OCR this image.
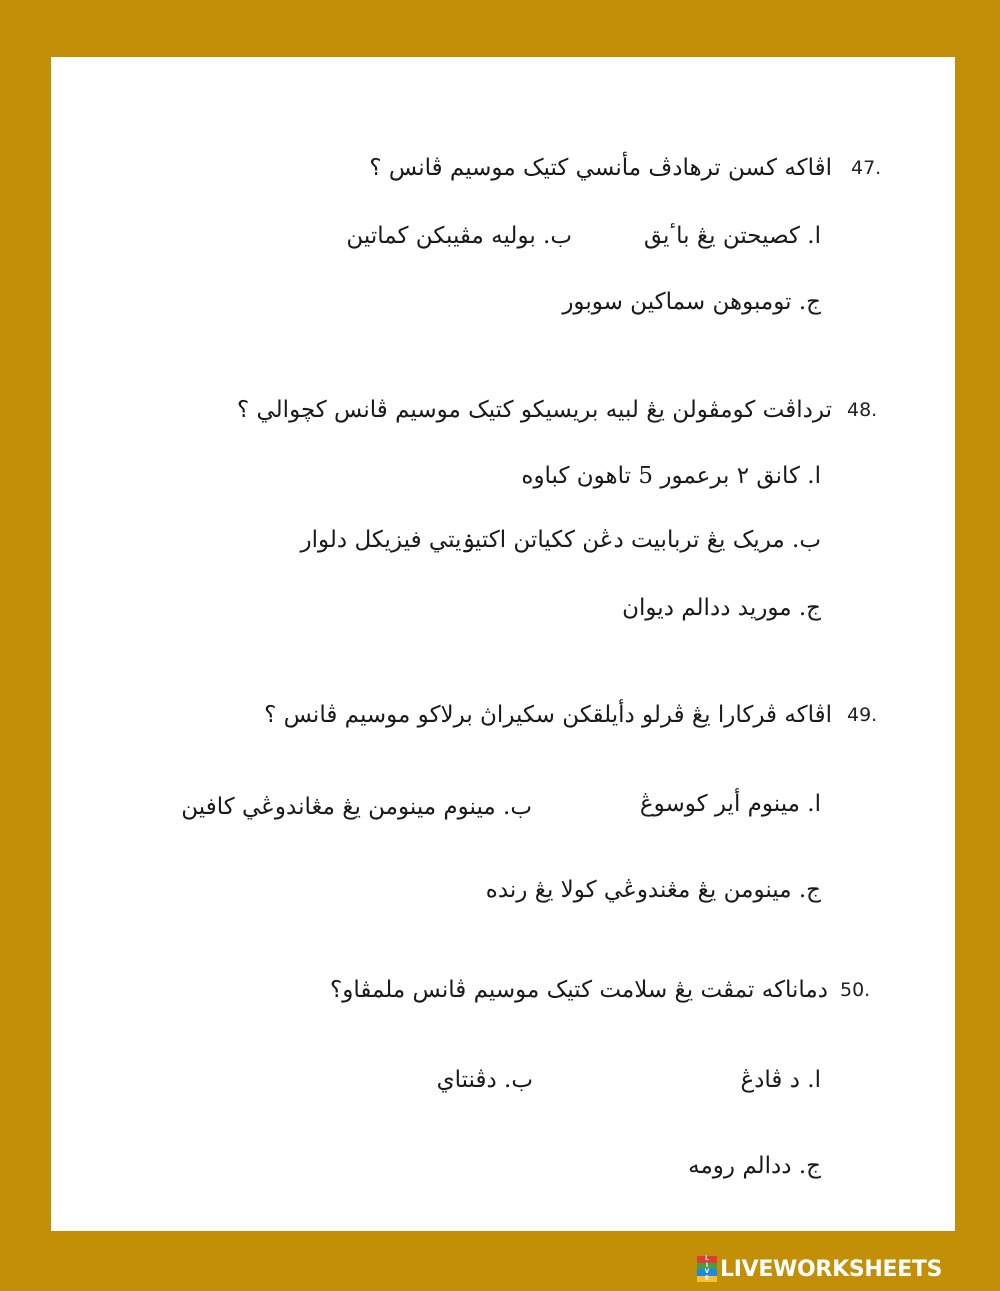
47.
اڤاكه كسن ترهادڤ مأنسي كتيک موسيم ڤانس ؟
ا. كصيحتن يڠ باٴيق
ب. بوليه مڤيبكن كماتين
ج. تومبوهن سماكين سوبور
48.
ترداڤت كومڤولن يڠ لبيه بريسيكو كتيک موسيم ڤانس كچوالي ؟
ا. كانق ٢ برعمور 5 تاهون كباوه
ب. مريک يڠ تربابيت دڠن ككياتن اكتيۏيتي فيزيكل دلوار
ج. موريد ددالم ديوان
49.
اڤاكه ڤركارا يڠ ڤرلو دأيلقكن سكيراڽ برلاكو موسيم ڤانس ؟
ا. مينوم أير كوسوڠ
ب. مينوم مينومن يڠ مڠاندوڠي كافين
ج. مينومن يڠ مڠندوڠي كولا يڠ رنده
50.
دماناكه تمڤت يڠ سلامت كتيک موسيم ڤانس ملمڤاو؟
ا. د ڤادڠ
ب. دڤنتاي
ج. ددالم رومه
L
I
V
E LIVEWORKSHEETS
